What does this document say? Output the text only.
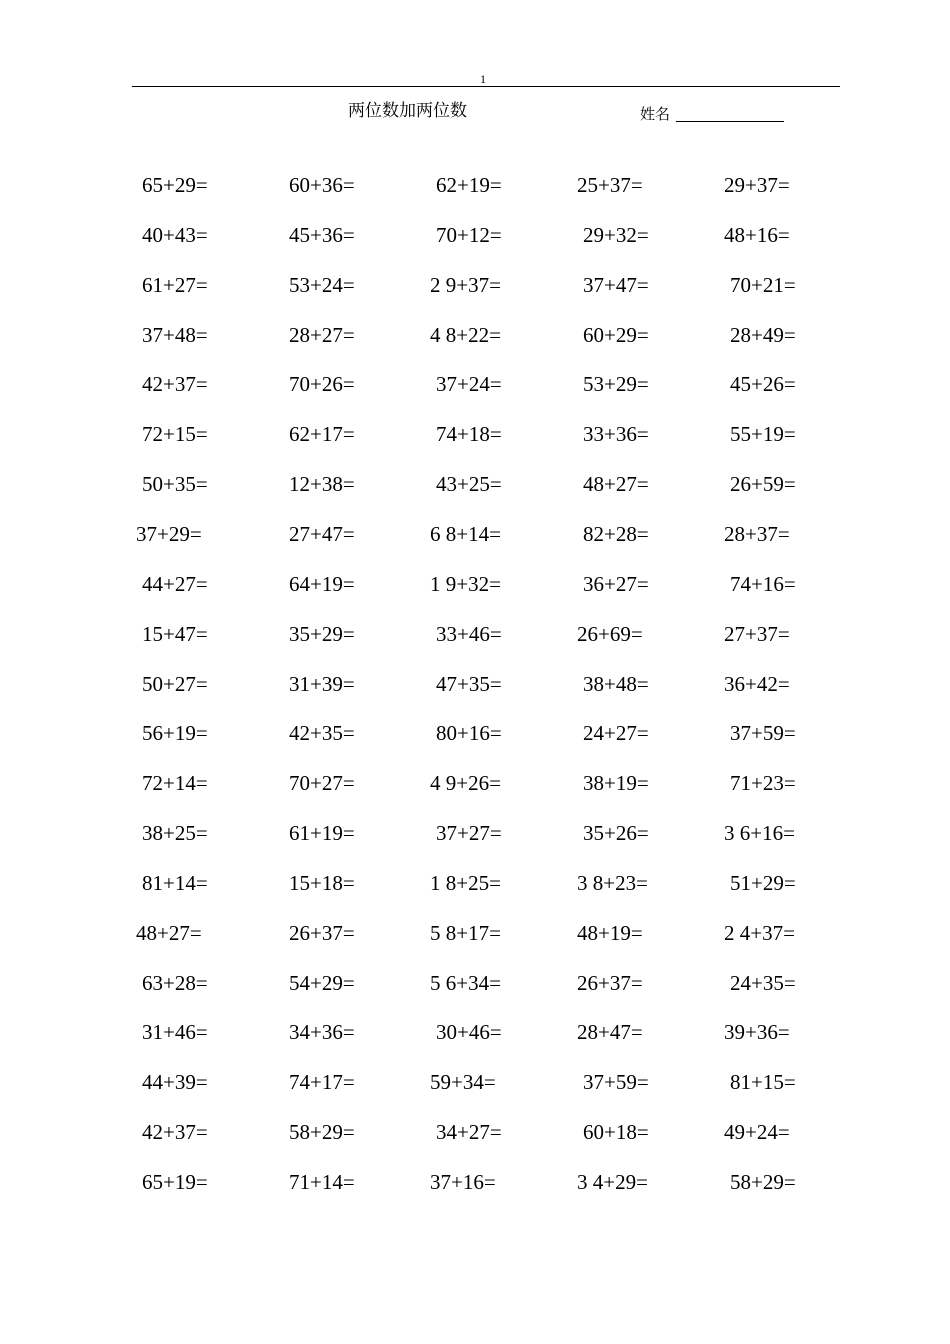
1
两位数加两位数	姓名
65+29=	60+36=	62+19=	25+37=	29+37=
40+43=	45+36=	70+12=	29+32=	48+16=
61+27=	53+24=	2 9+37=	37+47=	70+21=
37+48=	28+27=	4 8+22=	60+29=	28+49=
42+37=	70+26=	37+24=	53+29=	45+26=
72+15=	62+17=	74+18=	33+36=	55+19=
50+35=	12+38=	43+25=	48+27=	26+59=
37+29=	27+47=	6 8+14=	82+28=	28+37=
44+27=	64+19=	1 9+32=	36+27=	74+16=
15+47=	35+29=	33+46=	26+69=	27+37=
50+27=	31+39=	47+35=	38+48=	36+42=
56+19=	42+35=	80+16=	24+27=	37+59=
72+14=	70+27=	4 9+26=	38+19=	71+23=
38+25=	61+19=	37+27=	35+26=	3 6+16=
81+14=	15+18=	1 8+25=	3 8+23=	51+29=
48+27=	26+37=	5 8+17=	48+19=	2 4+37=
63+28=	54+29=	5 6+34=	26+37=	24+35=
31+46=	34+36=	30+46=	28+47=	39+36=
44+39=	74+17=	59+34=	37+59=	81+15=
42+37=	58+29=	34+27=	60+18=	49+24=
65+19=	71+14=	37+16=	3 4+29=	58+29=
